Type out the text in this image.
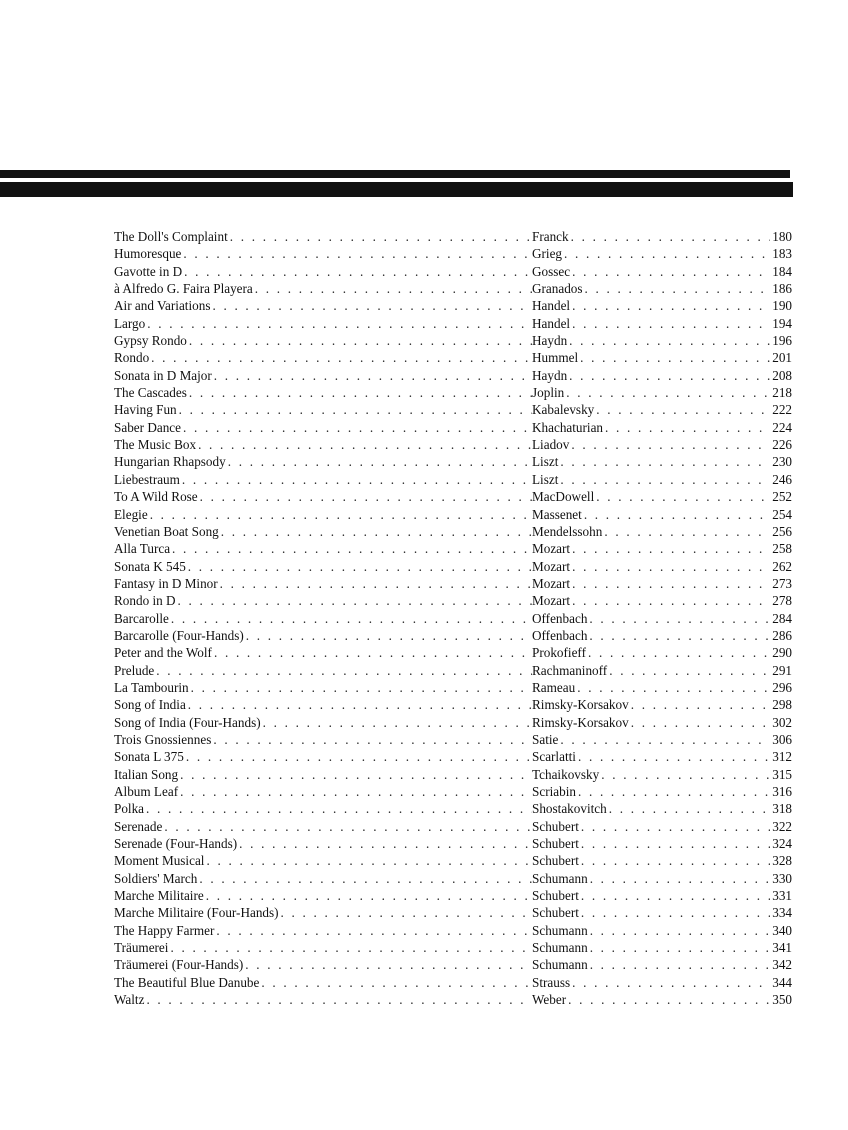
The Doll's Complaint . . .	Franck . . .	180
Humoresque . . .	Grieg . . .	183
Gavotte in D . . .	Gossec . . .	184
à Alfredo G. Faira Playera . . .	Granados . . .	186
Air and Variations . . .	Handel . . .	190
Largo . . .	Handel . . .	194
Gypsy Rondo . . .	Haydn . . .	196
Rondo . . .	Hummel . . .	201
Sonata in D Major . . .	Haydn . . .	208
The Cascades . . .	Joplin . . .	218
Having Fun . . .	Kabalevsky . . .	222
Saber Dance . . .	Khachaturian . . .	224
The Music Box . . .	Liadov . . .	226
Hungarian Rhapsody . . .	Liszt . . .	230
Liebestraum . . .	Liszt . . .	246
To A Wild Rose . . .	MacDowell . . .	252
Elegie . . .	Massenet . . .	254
Venetian Boat Song . . .	Mendelssohn . . .	256
Alla Turca . . .	Mozart . . .	258
Sonata K 545 . . .	Mozart . . .	262
Fantasy in D Minor . . .	Mozart . . .	273
Rondo in D . . .	Mozart . . .	278
Barcarolle . . .	Offenbach . . .	284
Barcarolle (Four-Hands) . . .	Offenbach . . .	286
Peter and the Wolf . . .	Prokofieff . . .	290
Prelude . . .	Rachmaninoff . . .	291
La Tambourin . . .	Rameau . . .	296
Song of India . . .	Rimsky-Korsakov . . .	298
Song of India (Four-Hands) . . .	Rimsky-Korsakov . . .	302
Trois Gnossiennes . . .	Satie . . .	306
Sonata L 375 . . .	Scarlatti . . .	312
Italian Song . . .	Tchaikovsky . . .	315
Album Leaf . . .	Scriabin . . .	316
Polka . . .	Shostakovitch . . .	318
Serenade . . .	Schubert . . .	322
Serenade (Four-Hands) . . .	Schubert . . .	324
Moment Musical . . .	Schubert . . .	328
Soldiers' March . . .	Schumann . . .	330
Marche Militaire . . .	Schubert . . .	331
Marche Militaire (Four-Hands) . . .	Schubert . . .	334
The Happy Farmer . . .	Schumann . . .	340
Träumerei . . .	Schumann . . .	341
Träumerei (Four-Hands) . . .	Schumann . . .	342
The Beautiful Blue Danube . . .	Strauss . . .	344
Waltz . . .	Weber . . .	350
